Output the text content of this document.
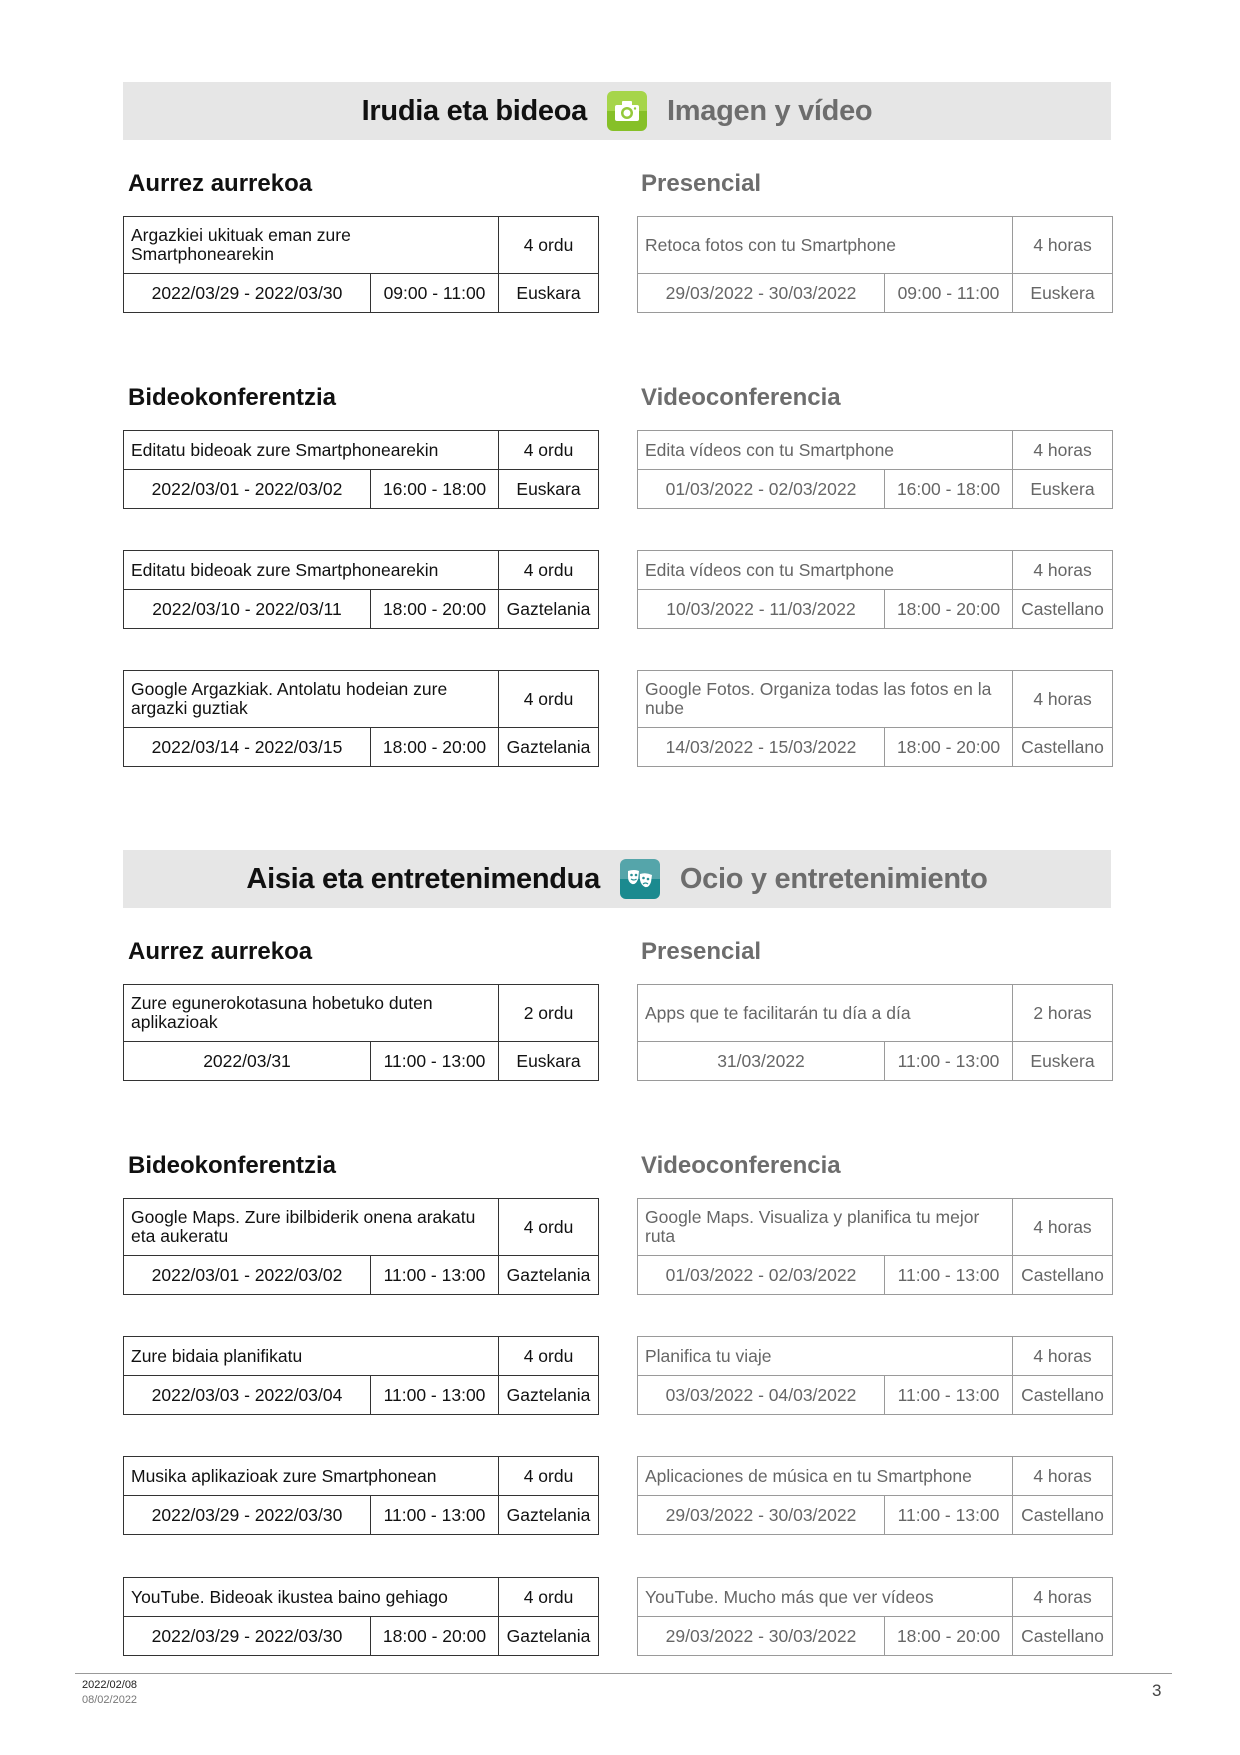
Irudia eta bideoa	Imagen y vídeo
Aurrez aurrekoa	Presencial
Argazkiei ukituak eman zure Smartphonearekin		4 ordu
2022/03/29 - 2022/03/30	09:00 - 11:00	Euskara
Retoca fotos con tu Smartphone		4 horas
29/03/2022 - 30/03/2022	09:00 - 11:00	Euskera
Bideokonferentzia	Videoconferencia
Editatu bideoak zure Smartphonearekin		4 ordu
2022/03/01 - 2022/03/02	16:00 - 18:00	Euskara
Edita vídeos con tu Smartphone		4 horas
01/03/2022 - 02/03/2022	16:00 - 18:00	Euskera
Editatu bideoak zure Smartphonearekin		4 ordu
2022/03/10 - 2022/03/11	18:00 - 20:00	Gaztelania
Edita vídeos con tu Smartphone		4 horas
10/03/2022 - 11/03/2022	18:00 - 20:00	Castellano
Google Argazkiak. Antolatu hodeian zure argazki guztiak		4 ordu
2022/03/14 - 2022/03/15	18:00 - 20:00	Gaztelania
Google Fotos. Organiza todas las fotos en la nube		4 horas
14/03/2022 - 15/03/2022	18:00 - 20:00	Castellano
Aisia eta entretenimendua	Ocio y entretenimiento
Aurrez aurrekoa	Presencial
Zure egunerokotasuna hobetuko duten aplikazioak		2 ordu
2022/03/31	11:00 - 13:00	Euskara
Apps que te facilitarán tu día a día		2 horas
31/03/2022	11:00 - 13:00	Euskera
Bideokonferentzia	Videoconferencia
Google Maps. Zure ibilbiderik onena arakatu eta aukeratu		4 ordu
2022/03/01 - 2022/03/02	11:00 - 13:00	Gaztelania
Google Maps. Visualiza y planifica tu mejor ruta		4 horas
01/03/2022 - 02/03/2022	11:00 - 13:00	Castellano
Zure bidaia planifikatu		4 ordu
2022/03/03 - 2022/03/04	11:00 - 13:00	Gaztelania
Planifica tu viaje		4 horas
03/03/2022 - 04/03/2022	11:00 - 13:00	Castellano
Musika aplikazioak zure Smartphonean		4 ordu
2022/03/29 - 2022/03/30	11:00 - 13:00	Gaztelania
Aplicaciones de música en tu Smartphone		4 horas
29/03/2022 - 30/03/2022	11:00 - 13:00	Castellano
YouTube. Bideoak ikustea baino gehiago		4 ordu
2022/03/29 - 2022/03/30	18:00 - 20:00	Gaztelania
YouTube. Mucho más que ver vídeos		4 horas
29/03/2022 - 30/03/2022	18:00 - 20:00	Castellano
2022/02/08
08/02/2022	3
